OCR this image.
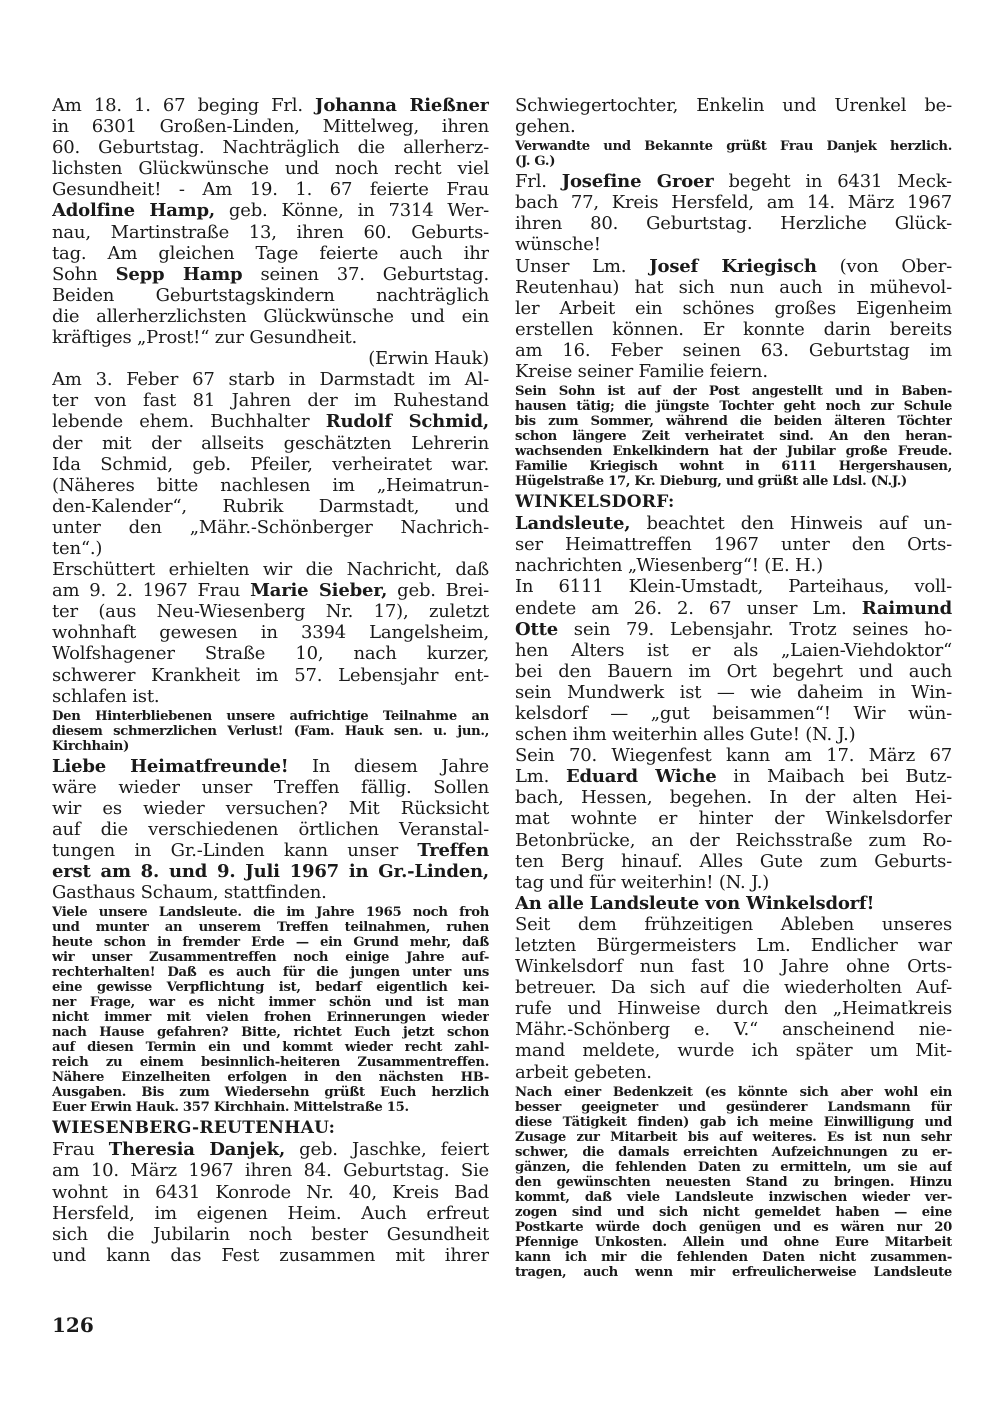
Am 18. 1. 67 beging Frl. Johanna Rießner
in 6301 Großen-Linden, Mittelweg, ihren
60. Geburtstag. Nachträglich die allerherz-
lichsten Glückwünsche und noch recht viel
Gesundheit! - Am 19. 1. 67 feierte Frau
Adolfine Hamp, geb. Könne, in 7314 Wer-
nau, Martinstraße 13, ihren 60. Geburts-
tag. Am gleichen Tage feierte auch ihr
Sohn Sepp Hamp seinen 37. Geburtstag.
Beiden Geburtstagskindern nachträglich
die allerherzlichsten Glückwünsche und ein
kräftiges „Prost!“ zur Gesundheit.
(Erwin Hauk)
Am 3. Feber 67 starb in Darmstadt im Al-
ter von fast 81 Jahren der im Ruhestand
lebende ehem. Buchhalter Rudolf Schmid,
der mit der allseits geschätzten Lehrerin
Ida Schmid, geb. Pfeiler, verheiratet war.
(Näheres bitte nachlesen im „Heimatrun-
den-Kalender“, Rubrik Darmstadt, und
unter den „Mähr.-Schönberger Nachrich-
ten“.)
Erschüttert erhielten wir die Nachricht, daß
am 9. 2. 1967 Frau Marie Sieber, geb. Brei-
ter (aus Neu-Wiesenberg Nr. 17), zuletzt
wohnhaft gewesen in 3394 Langelsheim,
Wolfshagener Straße 10, nach kurzer,
schwerer Krankheit im 57. Lebensjahr ent-
schlafen ist.
Den Hinterbliebenen unsere aufrichtige Teilnahme an
diesem schmerzlichen Verlust! (Fam. Hauk sen. u. jun.,
Kirchhain)
Liebe Heimatfreunde! In diesem Jahre
wäre wieder unser Treffen fällig. Sollen
wir es wieder versuchen? Mit Rücksicht
auf die verschiedenen örtlichen Veranstal-
tungen in Gr.-Linden kann unser Treffen
erst am 8. und 9. Juli 1967 in Gr.-Linden,
Gasthaus Schaum, stattfinden.
Viele unsere Landsleute. die im Jahre 1965 noch froh
und munter an unserem Treffen teilnahmen, ruhen
heute schon in fremder Erde — ein Grund mehr, daß
wir unser Zusammentreffen noch einige Jahre auf-
rechterhalten! Daß es auch für die jungen unter uns
eine gewisse Verpflichtung ist, bedarf eigentlich kei-
ner Frage, war es nicht immer schön und ist man
nicht immer mit vielen frohen Erinnerungen wieder
nach Hause gefahren? Bitte, richtet Euch jetzt schon
auf diesen Termin ein und kommt wieder recht zahl-
reich zu einem besinnlich-heiteren Zusammentreffen.
Nähere Einzelheiten erfolgen in den nächsten HB-
Ausgaben. Bis zum Wiedersehn grüßt Euch herzlich
Euer Erwin Hauk. 357 Kirchhain. Mittelstraße 15.
WIESENBERG-REUTENHAU:
Frau Theresia Danjek, geb. Jaschke, feiert
am 10. März 1967 ihren 84. Geburtstag. Sie
wohnt in 6431 Konrode Nr. 40, Kreis Bad
Hersfeld, im eigenen Heim. Auch erfreut
sich die Jubilarin noch bester Gesundheit
und kann das Fest zusammen mit ihrer
Schwiegertochter, Enkelin und Urenkel be-
gehen.
Verwandte und Bekannte grüßt Frau Danjek herzlich.
(J. G.)
Frl. Josefine Groer begeht in 6431 Meck-
bach 77, Kreis Hersfeld, am 14. März 1967
ihren 80. Geburtstag. Herzliche Glück-
wünsche!
Unser Lm. Josef Kriegisch (von Ober-
Reutenhau) hat sich nun auch in mühevol-
ler Arbeit ein schönes großes Eigenheim
erstellen können. Er konnte darin bereits
am 16. Feber seinen 63. Geburtstag im
Kreise seiner Familie feiern.
Sein Sohn ist auf der Post angestellt und in Baben-
hausen tätig; die jüngste Tochter geht noch zur Schule
bis zum Sommer, während die beiden älteren Töchter
schon längere Zeit verheiratet sind. An den heran-
wachsenden Enkelkindern hat der Jubilar große Freude.
Familie Kriegisch wohnt in 6111 Hergershausen,
Hügelstraße 17, Kr. Dieburg, und grüßt alle Ldsl. (N.J.)
WINKELSDORF:
Landsleute, beachtet den Hinweis auf un-
ser Heimattreffen 1967 unter den Orts-
nachrichten „Wiesenberg“! (E. H.)
In 6111 Klein-Umstadt, Parteihaus, voll-
endete am 26. 2. 67 unser Lm. Raimund
Otte sein 79. Lebensjahr. Trotz seines ho-
hen Alters ist er als „Laien-Viehdoktor“
bei den Bauern im Ort begehrt und auch
sein Mundwerk ist — wie daheim in Win-
kelsdorf — „gut beisammen“! Wir wün-
schen ihm weiterhin alles Gute! (N. J.)
Sein 70. Wiegenfest kann am 17. März 67
Lm. Eduard Wiche in Maibach bei Butz-
bach, Hessen, begehen. In der alten Hei-
mat wohnte er hinter der Winkelsdorfer
Betonbrücke, an der Reichsstraße zum Ro-
ten Berg hinauf. Alles Gute zum Geburts-
tag und für weiterhin! (N. J.)
An alle Landsleute von Winkelsdorf!
Seit dem frühzeitigen Ableben unseres
letzten Bürgermeisters Lm. Endlicher war
Winkelsdorf nun fast 10 Jahre ohne Orts-
betreuer. Da sich auf die wiederholten Auf-
rufe und Hinweise durch den „Heimatkreis
Mähr.-Schönberg e. V.“ anscheinend nie-
mand meldete, wurde ich später um Mit-
arbeit gebeten.
Nach einer Bedenkzeit (es könnte sich aber wohl ein
besser geeigneter und gesünderer Landsmann für
diese Tätigkeit finden) gab ich meine Einwilligung und
Zusage zur Mitarbeit bis auf weiteres. Es ist nun sehr
schwer, die damals erreichten Aufzeichnungen zu er-
gänzen, die fehlenden Daten zu ermitteln, um sie auf
den gewünschten neuesten Stand zu bringen. Hinzu
kommt, daß viele Landsleute inzwischen wieder ver-
zogen sind und sich nicht gemeldet haben — eine
Postkarte würde doch genügen und es wären nur 20
Pfennige Unkosten. Allein und ohne Eure Mitarbeit
kann ich mir die fehlenden Daten nicht zusammen-
tragen, auch wenn mir erfreulicherweise Landsleute
126
